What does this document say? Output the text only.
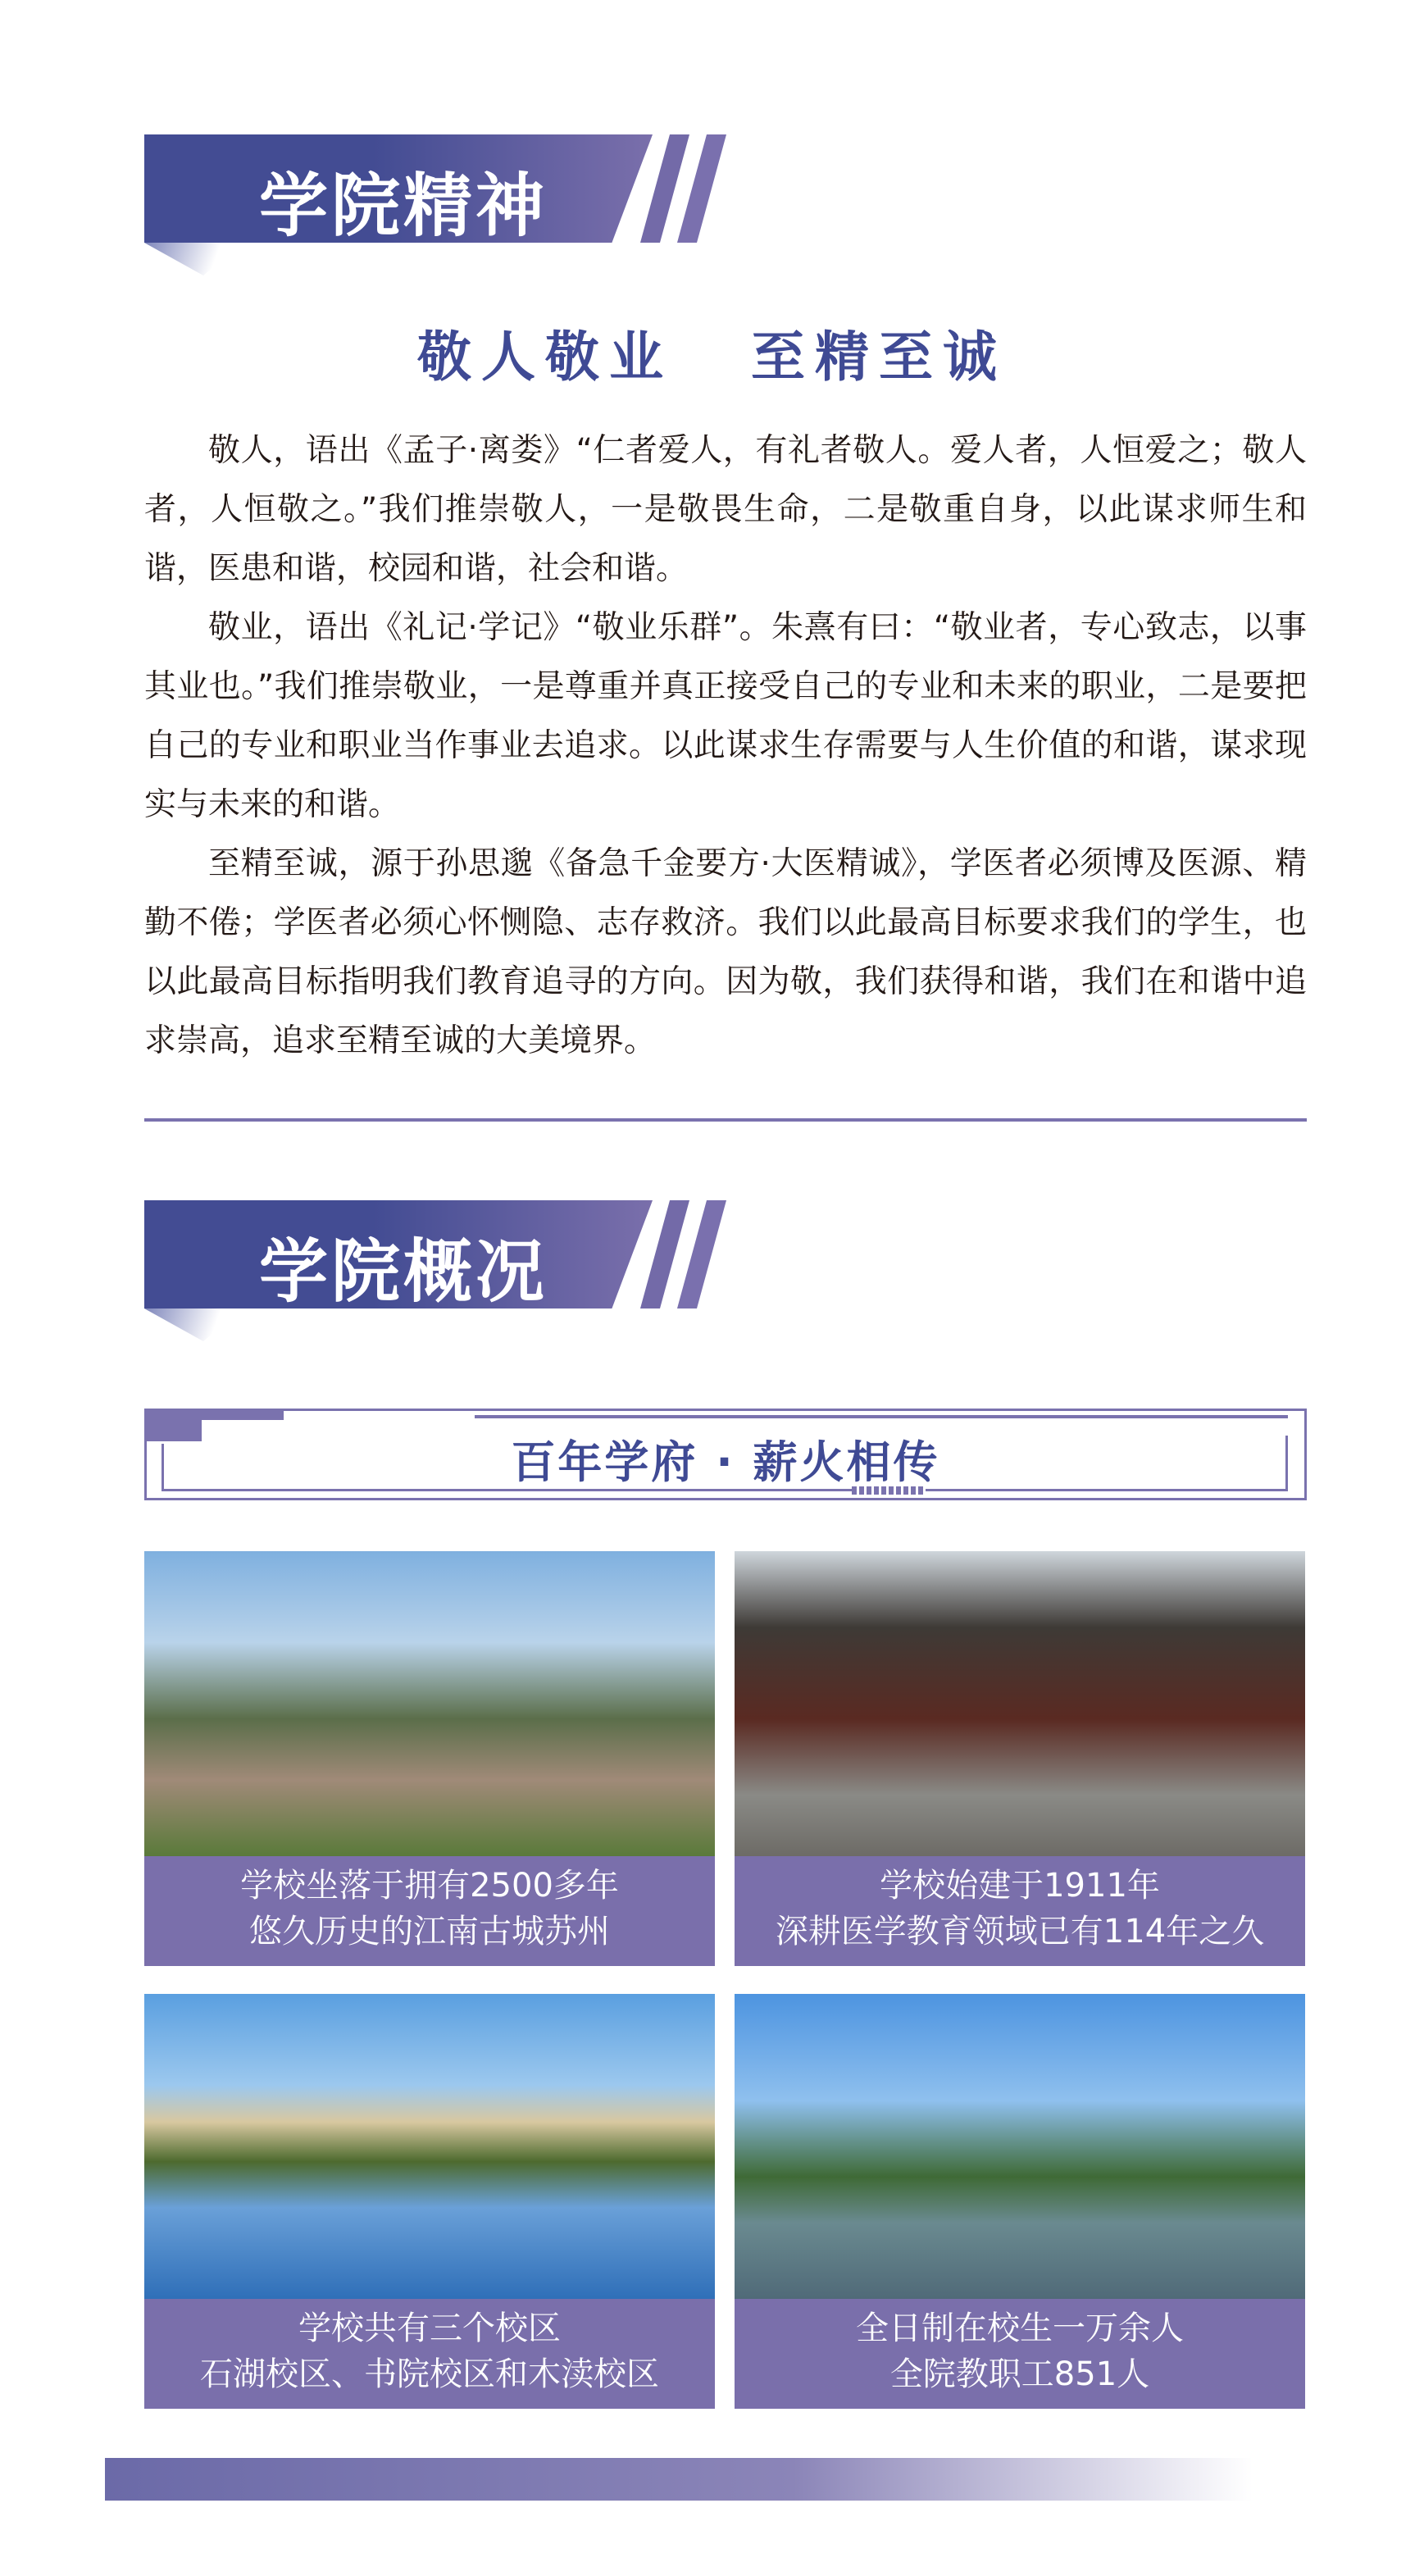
学院精神
敬人敬业 至精至诚

敬人，语出《孟子·离娄》“仁者爱人，有礼者敬人。爱人者，人恒爱之；敬人者，人恒敬之。”我们推崇敬人，一是敬畏生命，二是敬重自身，以此谋求师生和谐，医患和谐，校园和谐，社会和谐。

敬业，语出《礼记·学记》“敬业乐群”。朱熹有曰：“敬业者，专心致志，以事其业也。”我们推崇敬业，一是尊重并真正接受自己的专业和未来的职业，二是要把自己的专业和职业当作事业去追求。以此谋求生存需要与人生价值的和谐，谋求现实与未来的和谐。

至精至诚，源于孙思邈《备急千金要方·大医精诚》，学医者必须博及医源、精勤不倦；学医者必须心怀恻隐、志存救济。我们以此最高目标要求我们的学生，也以此最高目标指明我们教育追寻的方向。因为敬，我们获得和谐，我们在和谐中追求崇高，追求至精至诚的大美境界。

学院概况
百年学府 · 薪火相传
学校坐落于拥有2500多年
悠久历史的江南古城苏州
学校始建于1911年
深耕医学教育领域已有114年之久
学校共有三个校区
石湖校区、书院校区和木渎校区
全日制在校生一万余人
全院教职工851人
